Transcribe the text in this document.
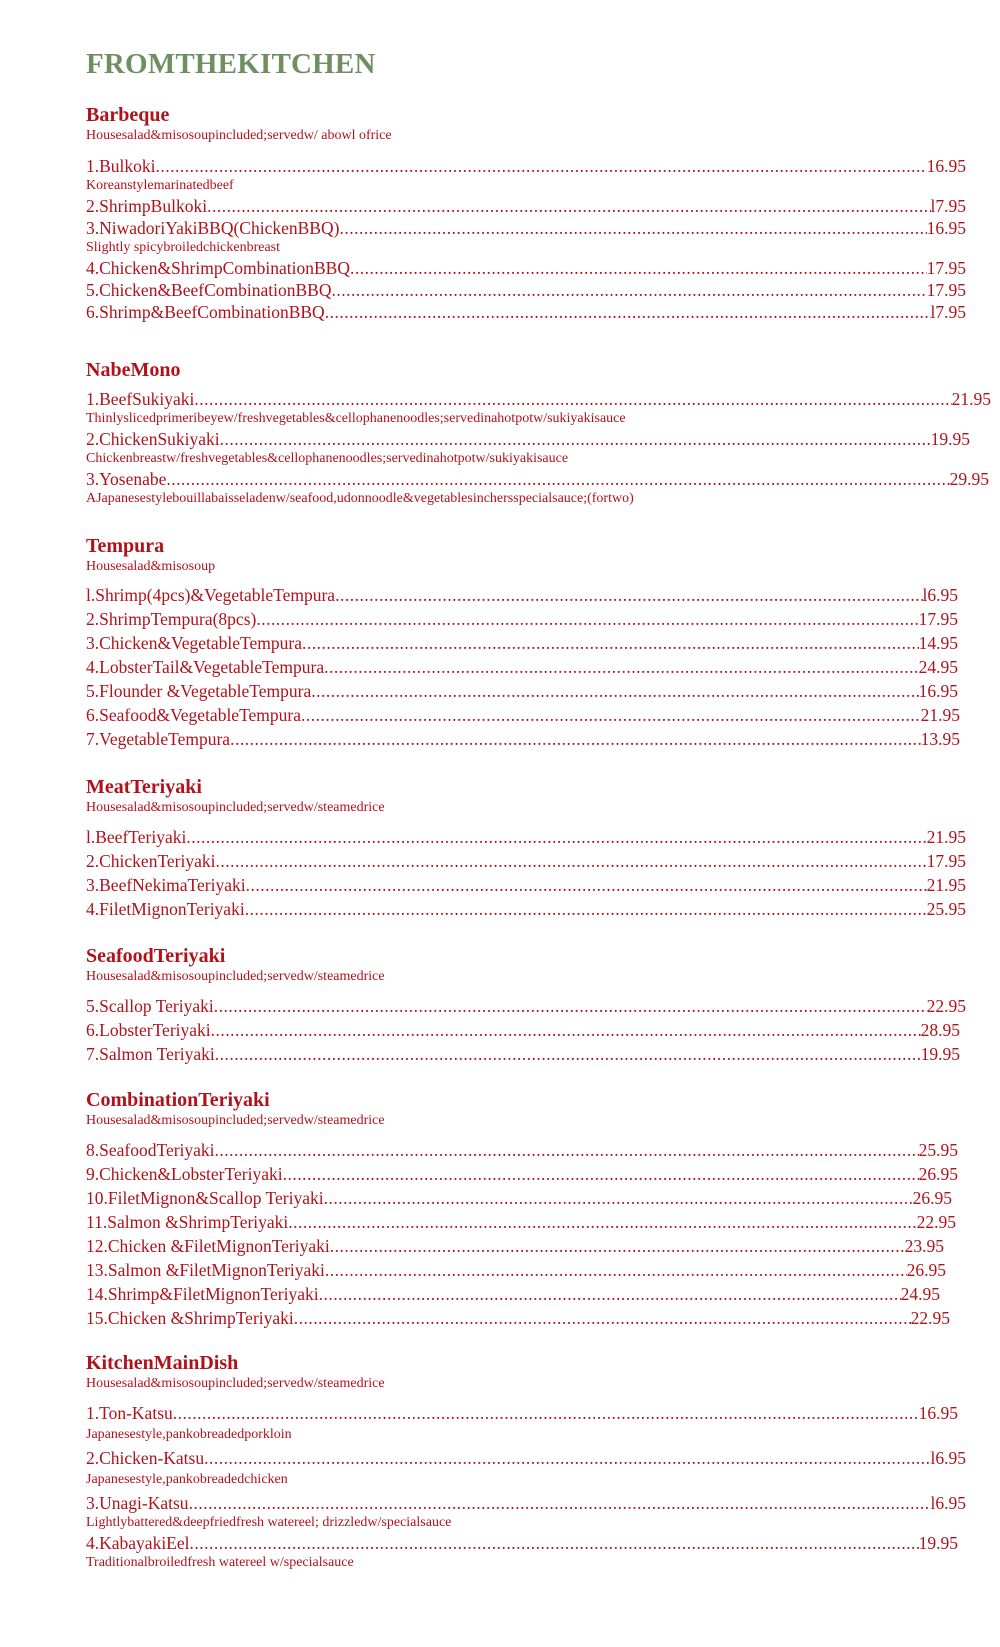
FROMTHEKITCHEN
Barbeque
Housesalad&misosoupincluded;servedw/ abowl ofrice
1.Bulkoki .....	16.95
Koreanstylemarinatedbeef
2.ShrimpBulkoki .....	l7.95
3.NiwadoriYakiBBQ(ChickenBBQ) .....	16.95
Slightly spicybroiledchickenbreast
4.Chicken&ShrimpCombinationBBQ .....	17.95
5.Chicken&BeefCombinationBBQ .....	17.95
6.Shrimp&BeefCombinationBBQ .....	l7.95
NabeMono
1.BeefSukiyaki .....	21.95
Thinlyslicedprimeribeyew/freshvegetables&cellophanenoodles;servedinahotpotw/sukiyakisauce
2.ChickenSukiyaki .....	19.95
Chickenbreastw/freshvegetables&cellophanenoodles;servedinahotpotw/sukiyakisauce
3.Yosenabe .....	29.95
AJapanesestylebouillabaisseladenw/seafood,udonnoodle&vegetablesinchersspecialsauce;(fortwo)
Tempura
Housesalad&misosoup
l.Shrimp(4pcs)&VegetableTempura .....	l6.95
2.ShrimpTempura(8pcs) .....	17.95
3.Chicken&VegetableTempura .....	14.95
4.LobsterTail&VegetableTempura .....	24.95
5.Flounder &VegetableTempura .....	16.95
6.Seafood&VegetableTempura .....	21.95
7.VegetableTempura .....	13.95
MeatTeriyaki
Housesalad&misosoupincluded;servedw/steamedrice
l.BeefTeriyaki .....	21.95
2.ChickenTeriyaki .....	17.95
3.BeefNekimaTeriyaki .....	21.95
4.FiletMignonTeriyaki .....	25.95
SeafoodTeriyaki
Housesalad&misosoupincluded;servedw/steamedrice
5.Scallop Teriyaki .....	22.95
6.LobsterTeriyaki .....	28.95
7.Salmon Teriyaki .....	19.95
CombinationTeriyaki
Housesalad&misosoupincluded;servedw/steamedrice
8.SeafoodTeriyaki .....	25.95
9.Chicken&LobsterTeriyaki .....	26.95
10.FiletMignon&Scallop Teriyaki .....	26.95
11.Salmon &ShrimpTeriyaki .....	22.95
12.Chicken &FiletMignonTeriyaki .....	23.95
13.Salmon &FiletMignonTeriyaki .....	26.95
14.Shrimp&FiletMignonTeriyaki .....	24.95
15.Chicken &ShrimpTeriyaki .....	22.95
KitchenMainDish
Housesalad&misosoupincluded;servedw/steamedrice
1.Ton-Katsu .....	16.95
Japanesestyle,pankobreadedporkloin
2.Chicken-Katsu .....	l6.95
Japanesestyle,pankobreadedchicken
3.Unagi-Katsu .....	l6.95
Lightlybattered&deepfriedfresh watereel; drizzledw/specialsauce
4.KabayakiEel .....	19.95
Traditionalbroiledfresh watereel w/specialsauce
